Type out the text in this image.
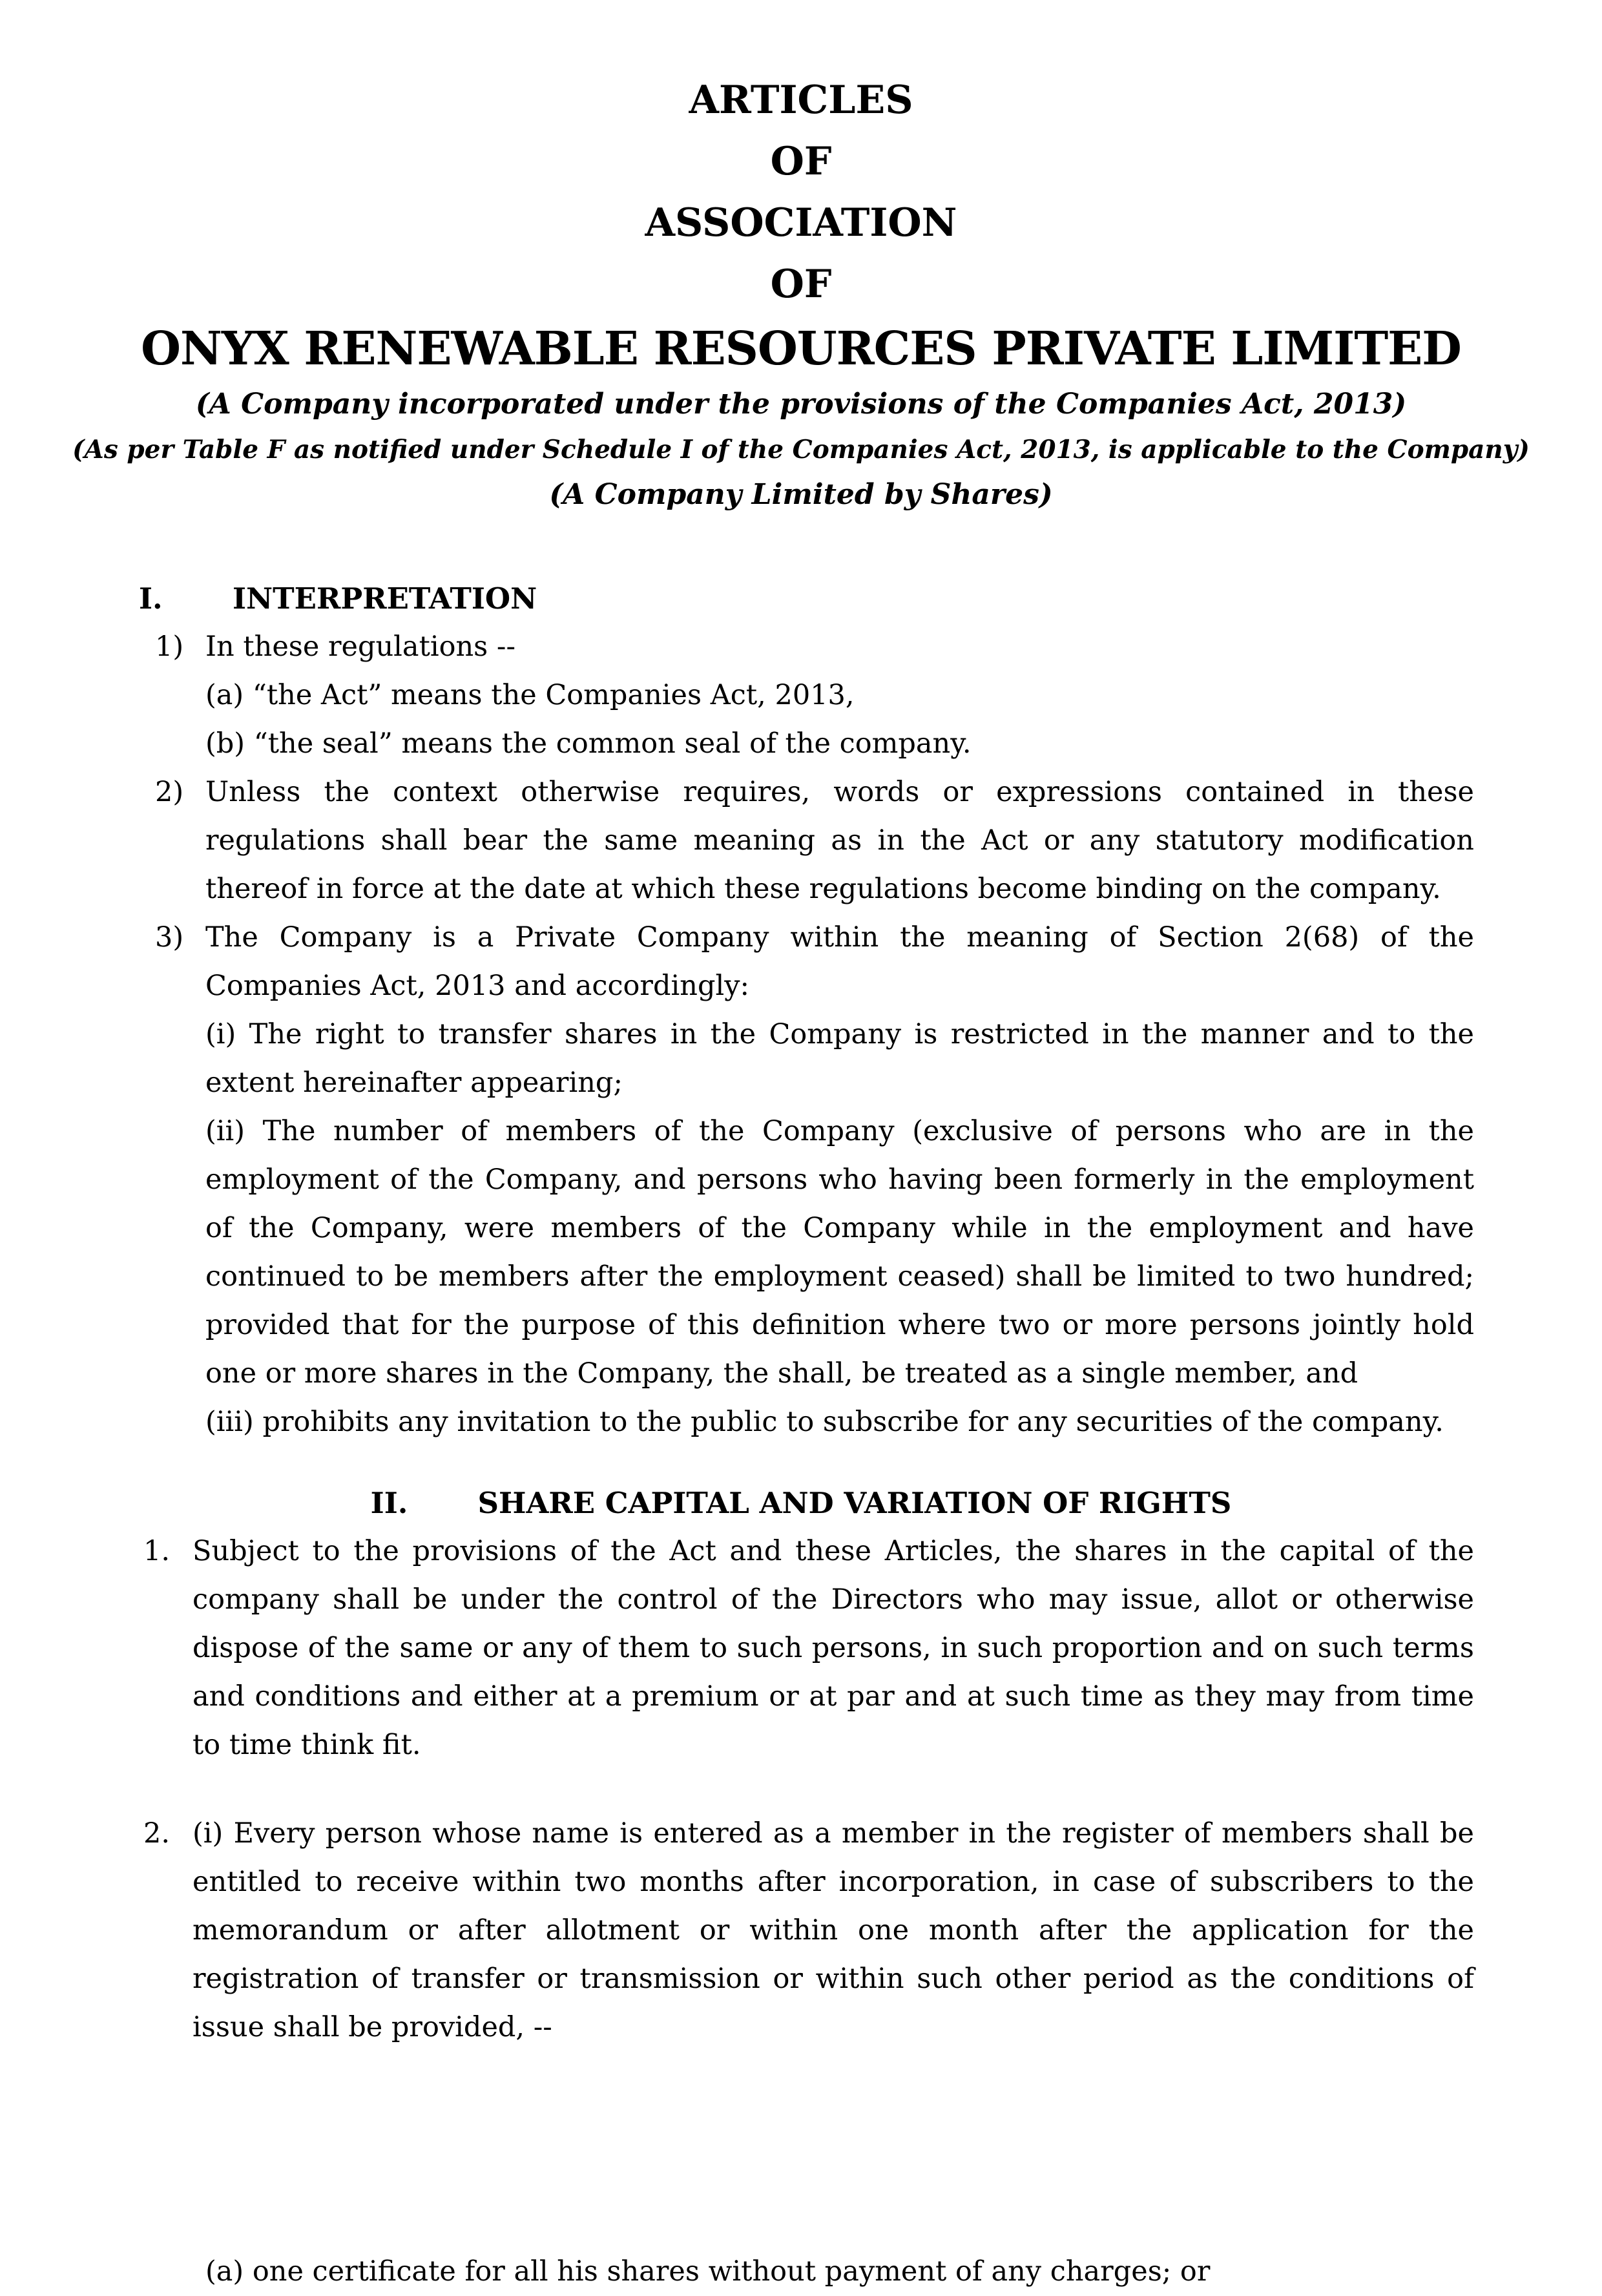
ARTICLES
OF
ASSOCIATION
OF
ONYX RENEWABLE RESOURCES PRIVATE LIMITED
(A Company incorporated under the provisions of the Companies Act, 2013)
(As per Table F as notified under Schedule I of the Companies Act, 2013, is applicable to the Company)
(A Company Limited by Shares)
I. INTERPRETATION
1) In these regulations --
(a) “the Act” means the Companies Act, 2013,
(b) “the seal” means the common seal of the company.
2) Unless the context otherwise requires, words or expressions contained in these regulations shall bear the same meaning as in the Act or any statutory modification thereof in force at the date at which these regulations become binding on the company.
3) The Company is a Private Company within the meaning of Section 2(68) of the Companies Act, 2013 and accordingly:
(i) The right to transfer shares in the Company is restricted in the manner and to the extent hereinafter appearing;
(ii) The number of members of the Company (exclusive of persons who are in the employment of the Company, and persons who having been formerly in the employment of the Company, were members of the Company while in the employment and have continued to be members after the employment ceased) shall be limited to two hundred; provided that for the purpose of this definition where two or more persons jointly hold one or more shares in the Company, the shall, be treated as a single member, and
(iii) prohibits any invitation to the public to subscribe for any securities of the company.
II. SHARE CAPITAL AND VARIATION OF RIGHTS
1. Subject to the provisions of the Act and these Articles, the shares in the capital of the company shall be under the control of the Directors who may issue, allot or otherwise dispose of the same or any of them to such persons, in such proportion and on such terms and conditions and either at a premium or at par and at such time as they may from time to time think fit.
2. (i) Every person whose name is entered as a member in the register of members shall be entitled to receive within two months after incorporation, in case of subscribers to the memorandum or after allotment or within one month after the application for the registration of transfer or transmission or within such other period as the conditions of issue shall be provided, --
(a) one certificate for all his shares without payment of any charges; or
